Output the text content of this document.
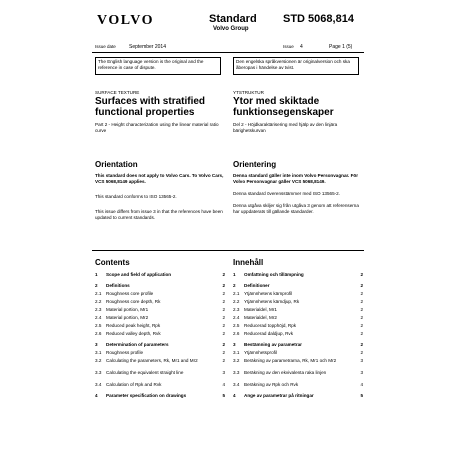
VOLVO	Standard
Volvo Group
STD 5068,814
Issue date	September 2014	Issue 4	Page 1 (5)
The English language version is the original and the reference in case of dispute.
Den engelska språkversionen är originalversion och ska åberopas i händelse av tvist.
SURFACE TEXTURE
Surfaces with stratified functional properties
Part 2 - Height characterization using the linear material ratio curve
Orientation
This standard does not apply to Volvo Cars. To Volvo Cars, VCS 5068,8149 applies.
This standard conforms to ISO 13565-2.
This issue differs from issue 3 in that the references have been updated to current standards.
YTSTRUKTUR
Ytor med skiktade funktionsegenskaper
Del 2 - Höjdkaraktärisering med hjälp av den linjära bärighetskurvan
Orientering
Denna standard gäller inte inom Volvo Personvagnar. För Volvo Personvagnar gäller VCS 5068,8149.
Denna standard överensstämmer med ISO 13565-2.
Denna utgåva skiljer sig från utgåva 3 genom att referenserna har uppdaterats till gällande standarder.
Contents
1 Scope and field of application	2
2 Definitions	2
2.1 Roughness core profile	2
2.2 Roughness core depth, Rk	2
2.3 Material portion, Mr1	2
2.4 Material portion, Mr2	2
2.5 Reduced peak height, Rpk	2
2.6 Reduced valley depth, Rvk	2
3 Determination of parameters	2
3.1 Roughness profile	2
3.2 Calculating the parameters, Rk, Mr1 and Mr2	2
3.3 Calculating the equivalent straight line	3
3.4 Calculation of Rpk and Rvk	4
4 Parameter specification on drawings	5
Innehåll
1 Omfattning och tillämpning	2
2 Definitioner	2
2.1 Ytjämnhetens kärnprofil	2
2.2 Ytjämnhetens kärndjup, Rk	2
2.3 Materialdel, Mr1	2
2.4 Materialdel, Mr2	2
2.5 Reducerad topphöjd, Rpk	2
2.6 Reducerad daldjup, Rvk	2
3 Bestämning av parametrar	2
3.1 Ytjämnhetsprofil	2
3.2 Beräkning av parametrarna, Rk, Mr1 och Mr2	3
3.3 Beräkning av den ekvivalenta raka linjen	3
3.4 Beräkning av Rpk och Rvk	4
4 Ange av parametrar på ritningar	5
